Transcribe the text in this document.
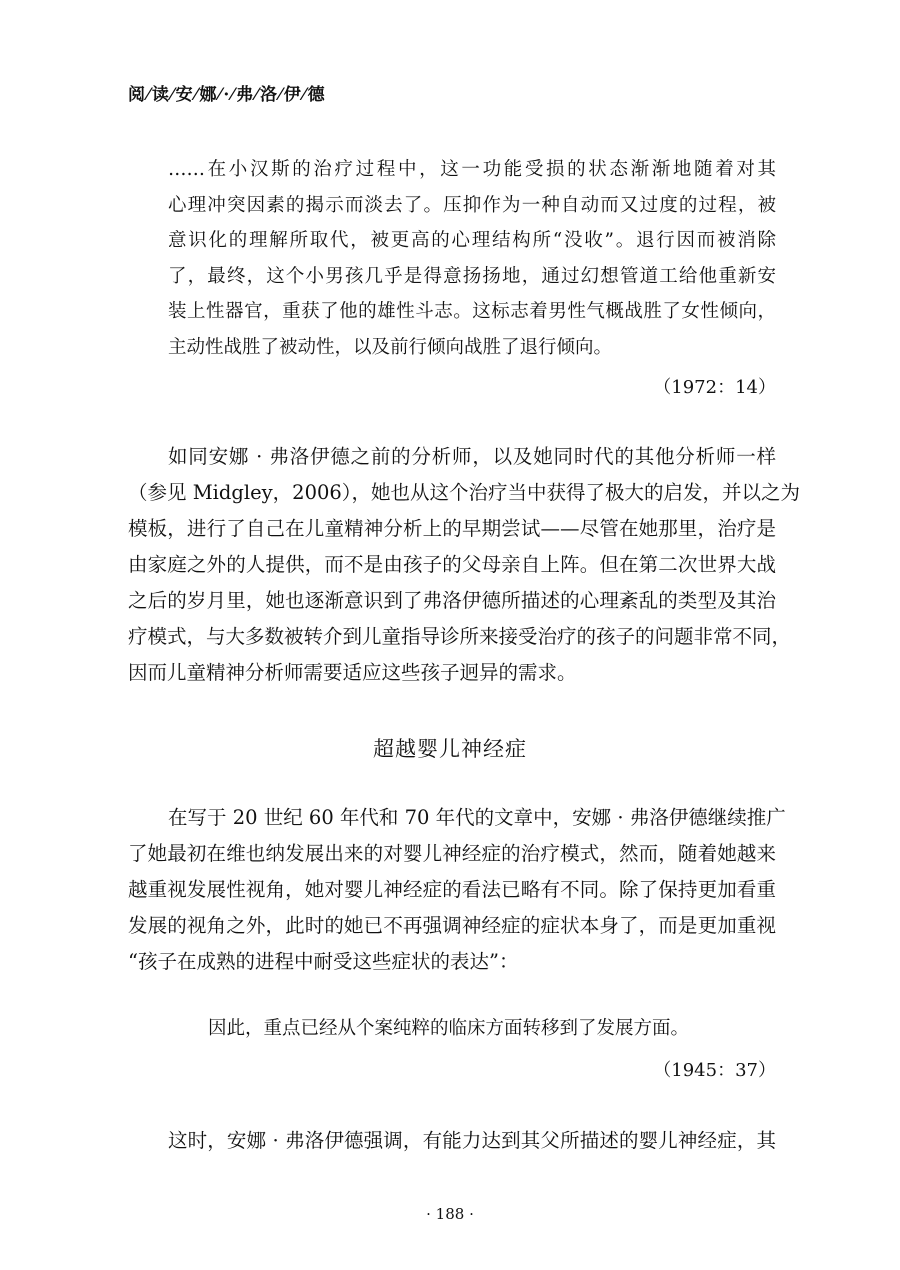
阅⁄读⁄安⁄娜⁄·⁄弗⁄洛⁄伊⁄德
……在小汉斯的治疗过程中，这一功能受损的状态渐渐地随着对其
心理冲突因素的揭示而淡去了。压抑作为一种自动而又过度的过程，被
意识化的理解所取代，被更高的心理结构所“没收”。退行因而被消除
了，最终，这个小男孩几乎是得意扬扬地，通过幻想管道工给他重新安
装上性器官，重获了他的雄性斗志。这标志着男性气概战胜了女性倾向，
主动性战胜了被动性，以及前行倾向战胜了退行倾向。
（1972：14）
如同安娜 · 弗洛伊德之前的分析师，以及她同时代的其他分析师一样
（参见 Midgley，2006），她也从这个治疗当中获得了极大的启发，并以之为
模板，进行了自己在儿童精神分析上的早期尝试——尽管在她那里，治疗是
由家庭之外的人提供，而不是由孩子的父母亲自上阵。但在第二次世界大战
之后的岁月里，她也逐渐意识到了弗洛伊德所描述的心理紊乱的类型及其治
疗模式，与大多数被转介到儿童指导诊所来接受治疗的孩子的问题非常不同，
因而儿童精神分析师需要适应这些孩子迥异的需求。
超越婴儿神经症
在写于 20 世纪 60 年代和 70 年代的文章中，安娜 · 弗洛伊德继续推广
了她最初在维也纳发展出来的对婴儿神经症的治疗模式，然而，随着她越来
越重视发展性视角，她对婴儿神经症的看法已略有不同。除了保持更加看重
发展的视角之外，此时的她已不再强调神经症的症状本身了，而是更加重视
“孩子在成熟的进程中耐受这些症状的表达”：
因此，重点已经从个案纯粹的临床方面转移到了发展方面。
（1945：37）
这时，安娜 · 弗洛伊德强调，有能力达到其父所描述的婴儿神经症，其
· 188 ·
